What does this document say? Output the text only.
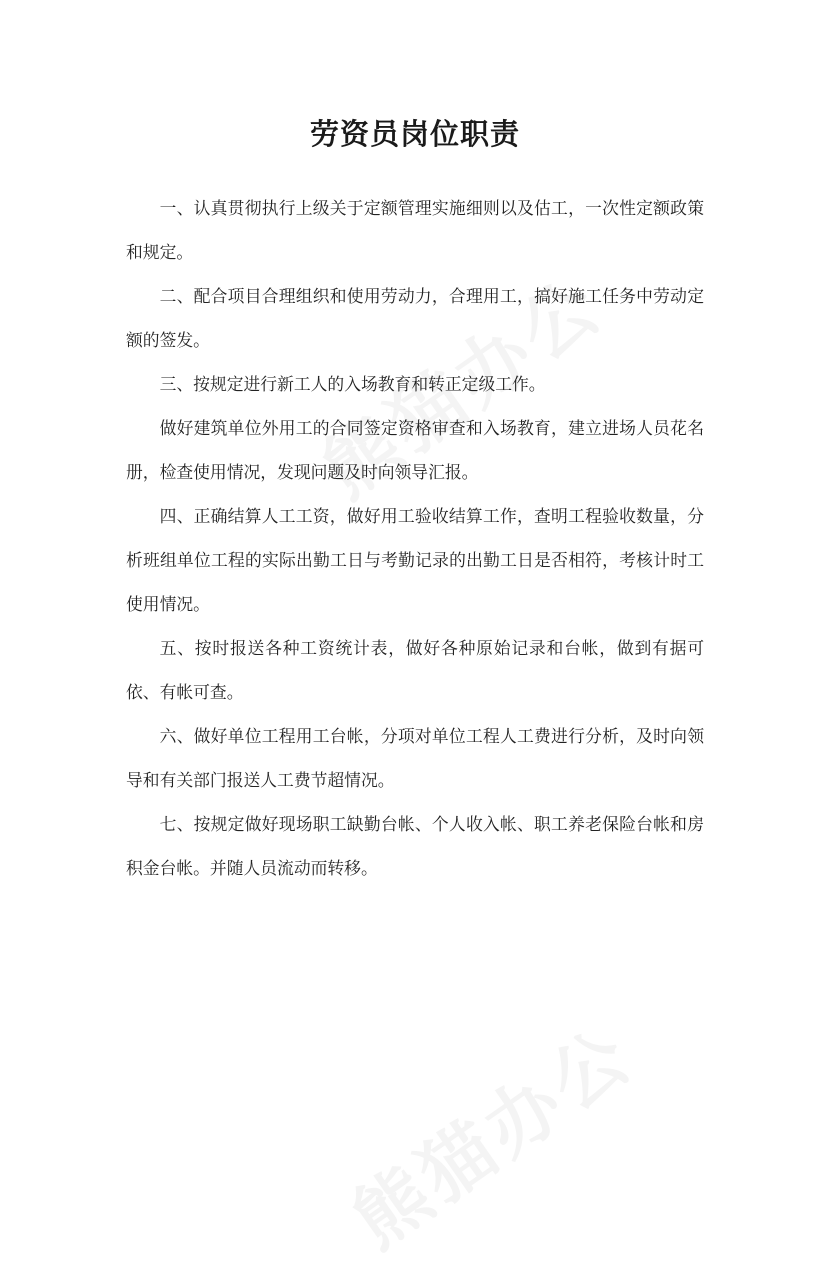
劳资员岗位职责

一、认真贯彻执行上级关于定额管理实施细则以及估工，一次性定额政策和规定。

二、配合项目合理组织和使用劳动力，合理用工，搞好施工任务中劳动定额的签发。

三、按规定进行新工人的入场教育和转正定级工作。

做好建筑单位外用工的合同签定资格审查和入场教育，建立进场人员花名册，检查使用情况，发现问题及时向领导汇报。

四、正确结算人工工资，做好用工验收结算工作，查明工程验收数量，分析班组单位工程的实际出勤工日与考勤记录的出勤工日是否相符，考核计时工使用情况。

五、按时报送各种工资统计表，做好各种原始记录和台帐，做到有据可依、有帐可查。

六、做好单位工程用工台帐，分项对单位工程人工费进行分析，及时向领导和有关部门报送人工费节超情况。

七、按规定做好现场职工缺勤台帐、个人收入帐、职工养老保险台帐和房积金台帐。并随人员流动而转移。
